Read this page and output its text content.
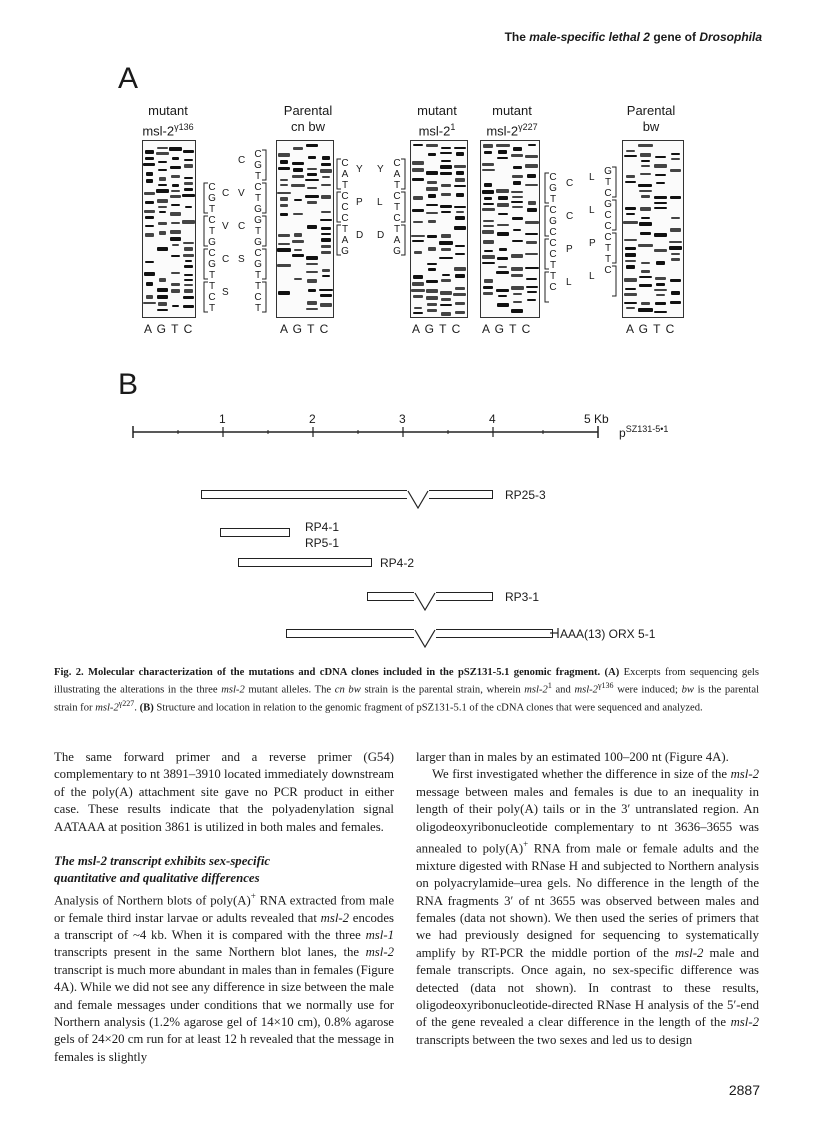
The male-specific lethal 2 gene of Drosophila
A
mutant
msl-$2^{\gamma 136}$
Parental
cn bw
mutant
msl-$2^1$
mutant
msl-$2^{\gamma 227}$
Parental
bw
A G T C	A G T C	A G T C A G T C	A G T C
C
G
T
C
T
G
C
G
T
T
C
T
C
G
T
C
T
G
G
T
G
C
G
T
T
C
T
C
A
T
C
C
C
T
A
G
C
A
T
C
T
C
T
A
G
C
G
T
C
G
C
C
C
T
T
C
G
T
C
G
C
C
C
T
T
C
C
V
C
S
C
V
C
S
Y
P
D
Y
L
D
C
C
P
L
L
L
P
L
B
1	2	3	4	5 Kb
$p^{SZ131-5•1}$
RP25-3
RP4-1
RP5-1
RP4-2
RP3-1
AAA(13) ORX 5-1
Fig. 2. Molecular characterization of the mutations and cDNA clones included in the pSZ131-5.1 genomic fragment. (A) Excerpts from sequencing gels illustrating the alterations in the three msl-2 mutant alleles. The cn bw strain is the parental strain, wherein msl-$2^1$ and msl-$2^{\gamma 136}$ were induced; bw is the parental strain for msl-$2^{\gamma 227}$. (B) Structure and location in relation to the genomic fragment of pSZ131-5.1 of the cDNA clones that were sequenced and analyzed.

The same forward primer and a reverse primer (G54) complementary to nt 3891–3910 located immediately downstream of the poly(A) attachment site gave no PCR product in either case. These results indicate that the polyadenylation signal AATAAA at position 3861 is utilized in both males and females.

The msl-2 transcript exhibits sex-specific
quantitative and qualitative differences

Analysis of Northern blots of poly(A)+ RNA extracted from male or female third instar larvae or adults revealed that msl-2 encodes a transcript of ~4 kb. When it is compared with the three msl-1 transcripts present in the same Northern blot lanes, the msl-2 transcript is much more abundant in males than in females (Figure 4A). While we did not see any difference in size between the male and female messages under conditions that we normally use for Northern analysis (1.2% agarose gel of 14×10 cm), 0.8% agarose gels of 24×20 cm run for at least 12 h revealed that the message in females is slightly

larger than in males by an estimated 100–200 nt (Figure 4A).

We first investigated whether the difference in size of the msl-2 message between males and females is due to an inequality in length of their poly(A) tails or in the 3′ untranslated region. An oligodeoxyribonucleotide complementary to nt 3636–3655 was annealed to poly(A)+ RNA from male or female adults and the mixture digested with RNase H and subjected to Northern analysis on polyacrylamide–urea gels. No difference in the length of the RNA fragments 3′ of nt 3655 was observed between males and females (data not shown). We then used the series of primers that we had previously designed for sequencing to systematically amplify by RT-PCR the middle portion of the msl-2 male and female transcripts. Once again, no sex-specific difference was detected (data not shown). In contrast to these results, oligodeoxyribonucleotide-directed RNase H analysis of the 5′-end of the gene revealed a clear difference in the length of the msl-2 transcripts between the two sexes and led us to design

2887
